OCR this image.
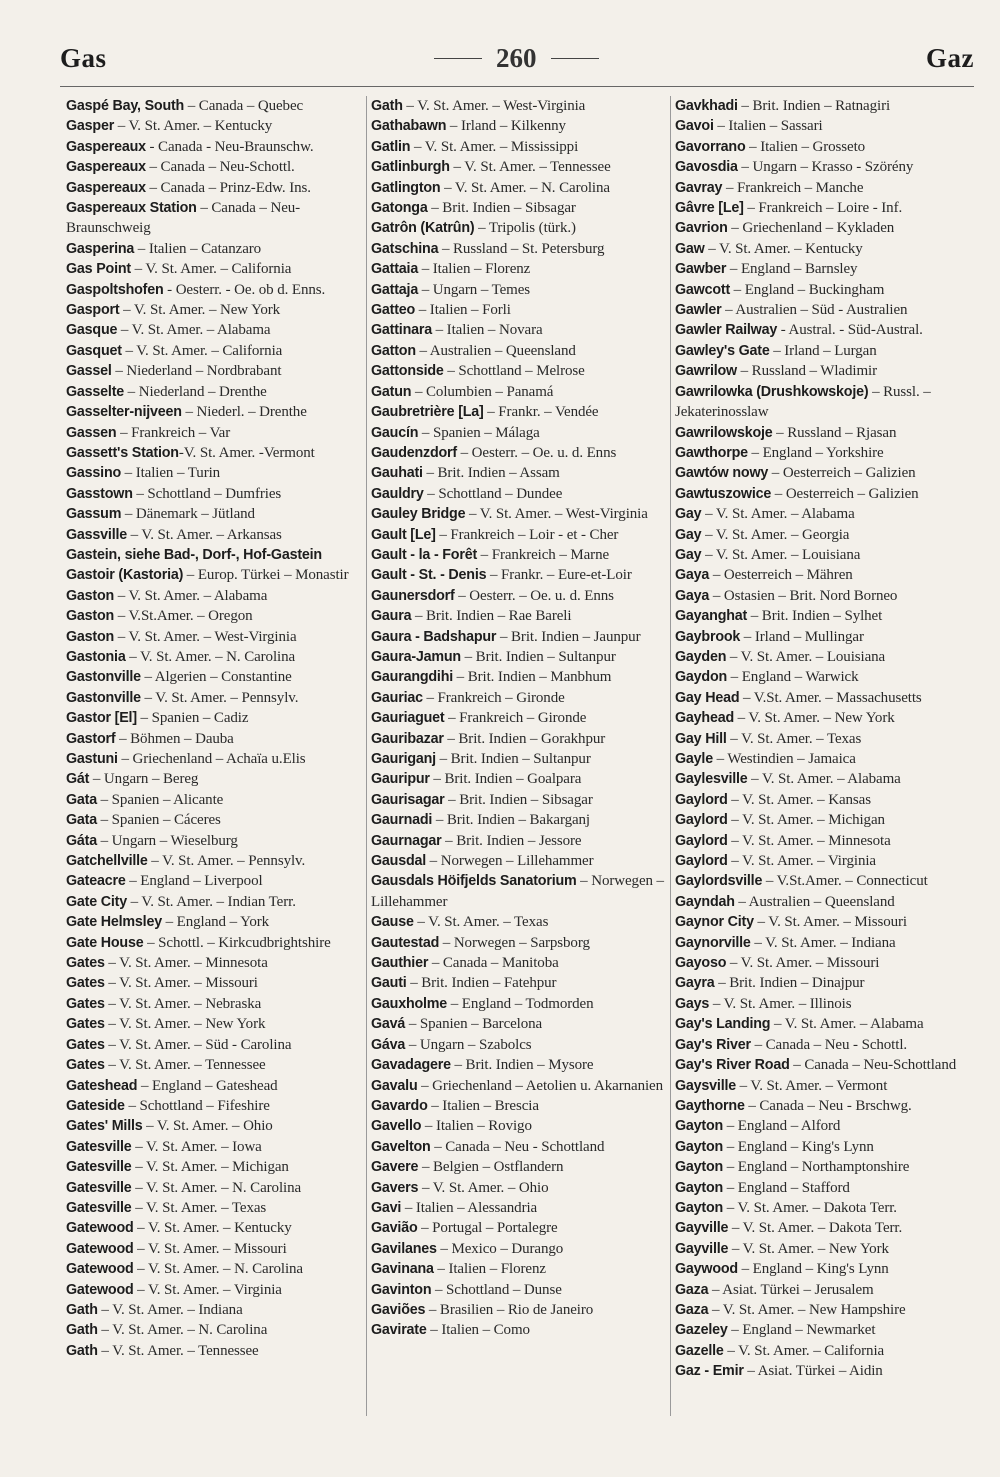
Gas	260	Gaz
Gaspé Bay, South – Canada – Quebec
Gasper – V. St. Amer. – Kentucky
Gaspereaux - Canada - Neu-Braunschw.
Gaspereaux – Canada – Neu-Schottl.
Gaspereaux – Canada – Prinz-Edw. Ins.
Gaspereaux Station – Canada – Neu-Braunschweig
Gasperina – Italien – Catanzaro
Gas Point – V. St. Amer. – California
Gaspoltshofen - Oesterr. - Oe. ob d. Enns.
Gasport – V. St. Amer. – New York
Gasque – V. St. Amer. – Alabama
Gasquet – V. St. Amer. – California
Gassel – Niederland – Nordbrabant
Gasselte – Niederland – Drenthe
Gasselter-nijveen – Niederl. – Drenthe
Gassen – Frankreich – Var
Gassett's Station-V. St. Amer. -Vermont
Gassino – Italien – Turin
Gasstown – Schottland – Dumfries
Gassum – Dänemark – Jütland
Gassville – V. St. Amer. – Arkansas
Gastein, siehe Bad-, Dorf-, Hof-Gastein
Gastoir (Kastoria) – Europ. Türkei – Monastir
Gaston – V. St. Amer. – Alabama
Gaston – V.St.Amer. – Oregon
Gaston – V. St. Amer. – West-Virginia
Gastonia – V. St. Amer. – N. Carolina
Gastonville – Algerien – Constantine
Gastonville – V. St. Amer. – Pennsylv.
Gastor [El] – Spanien – Cadiz
Gastorf – Böhmen – Dauba
Gastuni – Griechenland – Achaïa u.Elis
Gát – Ungarn – Bereg
Gata – Spanien – Alicante
Gata – Spanien – Cáceres
Gáta – Ungarn – Wieselburg
Gatchellville – V. St. Amer. – Pennsylv.
Gateacre – England – Liverpool
Gate City – V. St. Amer. – Indian Terr.
Gate Helmsley – England – York
Gate House – Schottl. – Kirkcudbrightshire
Gates – V. St. Amer. – Minnesota
Gates – V. St. Amer. – Missouri
Gates – V. St. Amer. – Nebraska
Gates – V. St. Amer. – New York
Gates – V. St. Amer. – Süd - Carolina
Gates – V. St. Amer. – Tennessee
Gateshead – England – Gateshead
Gateside – Schottland – Fifeshire
Gates' Mills – V. St. Amer. – Ohio
Gatesville – V. St. Amer. – Iowa
Gatesville – V. St. Amer. – Michigan
Gatesville – V. St. Amer. – N. Carolina
Gatesville – V. St. Amer. – Texas
Gatewood – V. St. Amer. – Kentucky
Gatewood – V. St. Amer. – Missouri
Gatewood – V. St. Amer. – N. Carolina
Gatewood – V. St. Amer. – Virginia
Gath – V. St. Amer. – Indiana
Gath – V. St. Amer. – N. Carolina
Gath – V. St. Amer. – Tennessee
Gath – V. St. Amer. – West-Virginia
Gathabawn – Irland – Kilkenny
Gatlin – V. St. Amer. – Mississippi
Gatlinburgh – V. St. Amer. – Tennessee
Gatlington – V. St. Amer. – N. Carolina
Gatonga – Brit. Indien – Sibsagar
Gatrôn (Katrûn) – Tripolis (türk.)
Gatschina – Russland – St. Petersburg
Gattaia – Italien – Florenz
Gattaja – Ungarn – Temes
Gatteo – Italien – Forli
Gattinara – Italien – Novara
Gatton – Australien – Queensland
Gattonside – Schottland – Melrose
Gatun – Columbien – Panamá
Gaubretrière [La] – Frankr. – Vendée
Gaucín – Spanien – Málaga
Gaudenzdorf – Oesterr. – Oe. u. d. Enns
Gauhati – Brit. Indien – Assam
Gauldry – Schottland – Dundee
Gauley Bridge – V. St. Amer. – West-Virginia
Gault [Le] – Frankreich – Loir - et - Cher
Gault - la - Forêt – Frankreich – Marne
Gault - St. - Denis – Frankr. – Eure-et-Loir
Gaunersdorf – Oesterr. – Oe. u. d. Enns
Gaura – Brit. Indien – Rae Bareli
Gaura - Badshapur – Brit. Indien – Jaunpur
Gaura-Jamun – Brit. Indien – Sultanpur
Gaurangdihi – Brit. Indien – Manbhum
Gauriac – Frankreich – Gironde
Gauriaguet – Frankreich – Gironde
Gauribazar – Brit. Indien – Gorakhpur
Gauriganj – Brit. Indien – Sultanpur
Gauripur – Brit. Indien – Goalpara
Gaurisagar – Brit. Indien – Sibsagar
Gaurnadi – Brit. Indien – Bakarganj
Gaurnagar – Brit. Indien – Jessore
Gausdal – Norwegen – Lillehammer
Gausdals Höifjelds Sanatorium – Norwegen – Lillehammer
Gause – V. St. Amer. – Texas
Gautestad – Norwegen – Sarpsborg
Gauthier – Canada – Manitoba
Gauti – Brit. Indien – Fatehpur
Gauxholme – England – Todmorden
Gavá – Spanien – Barcelona
Gáva – Ungarn – Szabolcs
Gavadagere – Brit. Indien – Mysore
Gavalu – Griechenland – Aetolien u. Akarnanien
Gavardo – Italien – Brescia
Gavello – Italien – Rovigo
Gavelton – Canada – Neu - Schottland
Gavere – Belgien – Ostflandern
Gavers – V. St. Amer. – Ohio
Gavi – Italien – Alessandria
Gavião – Portugal – Portalegre
Gavilanes – Mexico – Durango
Gavinana – Italien – Florenz
Gavinton – Schottland – Dunse
Gaviões – Brasilien – Rio de Janeiro
Gavirate – Italien – Como
Gavkhadi – Brit. Indien – Ratnagiri
Gavoi – Italien – Sassari
Gavorrano – Italien – Grosseto
Gavosdia – Ungarn – Krasso - Szörény
Gavray – Frankreich – Manche
Gâvre [Le] – Frankreich – Loire - Inf.
Gavrion – Griechenland – Kykladen
Gaw – V. St. Amer. – Kentucky
Gawber – England – Barnsley
Gawcott – England – Buckingham
Gawler – Australien – Süd - Australien
Gawler Railway - Austral. - Süd-Austral.
Gawley's Gate – Irland – Lurgan
Gawrilow – Russland – Wladimir
Gawrilowka (Drushkowskoje) – Russl. – Jekaterinosslaw
Gawrilowskoje – Russland – Rjasan
Gawthorpe – England – Yorkshire
Gawtów nowy – Oesterreich – Galizien
Gawtuszowice – Oesterreich – Galizien
Gay – V. St. Amer. – Alabama
Gay – V. St. Amer. – Georgia
Gay – V. St. Amer. – Louisiana
Gaya – Oesterreich – Mähren
Gaya – Ostasien – Brit. Nord Borneo
Gayanghat – Brit. Indien – Sylhet
Gaybrook – Irland – Mullingar
Gayden – V. St. Amer. – Louisiana
Gaydon – England – Warwick
Gay Head – V.St. Amer. – Massachusetts
Gayhead – V. St. Amer. – New York
Gay Hill – V. St. Amer. – Texas
Gayle – Westindien – Jamaica
Gaylesville – V. St. Amer. – Alabama
Gaylord – V. St. Amer. – Kansas
Gaylord – V. St. Amer. – Michigan
Gaylord – V. St. Amer. – Minnesota
Gaylord – V. St. Amer. – Virginia
Gaylordsville – V.St.Amer. – Connecticut
Gayndah – Australien – Queensland
Gaynor City – V. St. Amer. – Missouri
Gaynorville – V. St. Amer. – Indiana
Gayoso – V. St. Amer. – Missouri
Gayra – Brit. Indien – Dinajpur
Gays – V. St. Amer. – Illinois
Gay's Landing – V. St. Amer. – Alabama
Gay's River – Canada – Neu - Schottl.
Gay's River Road – Canada – Neu-Schottland
Gaysville – V. St. Amer. – Vermont
Gaythorne – Canada – Neu - Brschwg.
Gayton – England – Alford
Gayton – England – King's Lynn
Gayton – England – Northamptonshire
Gayton – England – Stafford
Gayton – V. St. Amer. – Dakota Terr.
Gayville – V. St. Amer. – Dakota Terr.
Gayville – V. St. Amer. – New York
Gaywood – England – King's Lynn
Gaza – Asiat. Türkei – Jerusalem
Gaza – V. St. Amer. – New Hampshire
Gazeley – England – Newmarket
Gazelle – V. St. Amer. – California
Gaz - Emir – Asiat. Türkei – Aidin
